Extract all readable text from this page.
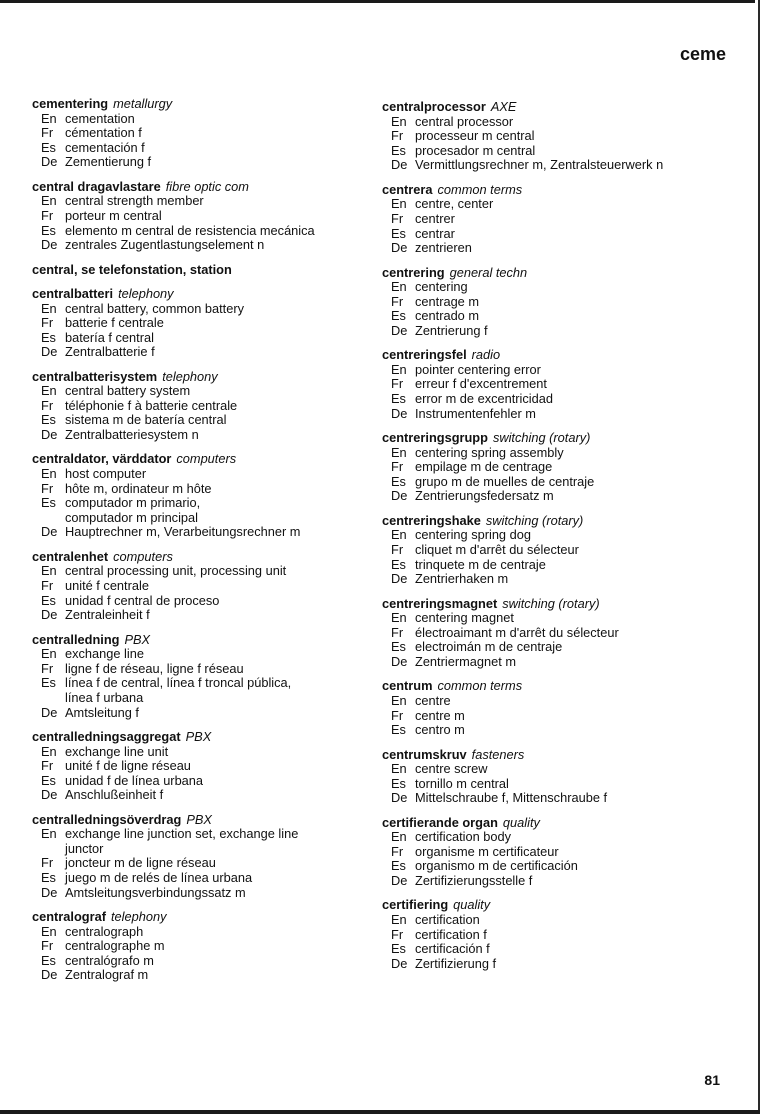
ceme
cementering metallurgy
En cementation
Fr cémentation f
Es cementación f
De Zementierung f
central dragavlastare fibre optic com
En central strength member
Fr porteur m central
Es elemento m central de resistencia mecánica
De zentrales Zugentlastungselement n
central, se telefonstation, station
centralbatteri telephony
En central battery, common battery
Fr batterie f centrale
Es batería f central
De Zentralbatterie f
centralbatterisystem telephony
En central battery system
Fr téléphonie f à batterie centrale
Es sistema m de batería central
De Zentralbatteriesystem n
centraldator, värddator computers
En host computer
Fr hôte m, ordinateur m hôte
Es computador m primario,
computador m principal
De Hauptrechner m, Verarbeitungsrechner m
centralenhet computers
En central processing unit, processing unit
Fr unité f centrale
Es unidad f central de proceso
De Zentraleinheit f
centralledning PBX
En exchange line
Fr ligne f de réseau, ligne f réseau
Es línea f de central, línea f troncal pública,
línea f urbana
De Amtsleitung f
centralledningsaggregat PBX
En exchange line unit
Fr unité f de ligne réseau
Es unidad f de línea urbana
De Anschlußeinheit f
centralledningsöverdrag PBX
En exchange line junction set, exchange line
junctor
Fr joncteur m de ligne réseau
Es juego m de relés de línea urbana
De Amtsleitungsverbindungssatz m
centralograf telephony
En centralograph
Fr centralographe m
Es centralógrafo m
De Zentralograf m
centralprocessor AXE
En central processor
Fr processeur m central
Es procesador m central
De Vermittlungsrechner m, Zentralsteuerwerk n
centrera common terms
En centre, center
Fr centrer
Es centrar
De zentrieren
centrering general techn
En centering
Fr centrage m
Es centrado m
De Zentrierung f
centreringsfel radio
En pointer centering error
Fr erreur f d'excentrement
Es error m de excentricidad
De Instrumentenfehler m
centreringsgrupp switching (rotary)
En centering spring assembly
Fr empilage m de centrage
Es grupo m de muelles de centraje
De Zentrierungsfedersatz m
centreringshake switching (rotary)
En centering spring dog
Fr cliquet m d'arrêt du sélecteur
Es trinquete m de centraje
De Zentrierhaken m
centreringsmagnet switching (rotary)
En centering magnet
Fr électroaimant m d'arrêt du sélecteur
Es electroimán m de centraje
De Zentriermagnet m
centrum common terms
En centre
Fr centre m
Es centro m
centrumskruv fasteners
En centre screw
Es tornillo m central
De Mittelschraube f, Mittenschraube f
certifierande organ quality
En certification body
Fr organisme m certificateur
Es organismo m de certificación
De Zertifizierungsstelle f
certifiering quality
En certification
Fr certification f
Es certificación f
De Zertifizierung f
81
